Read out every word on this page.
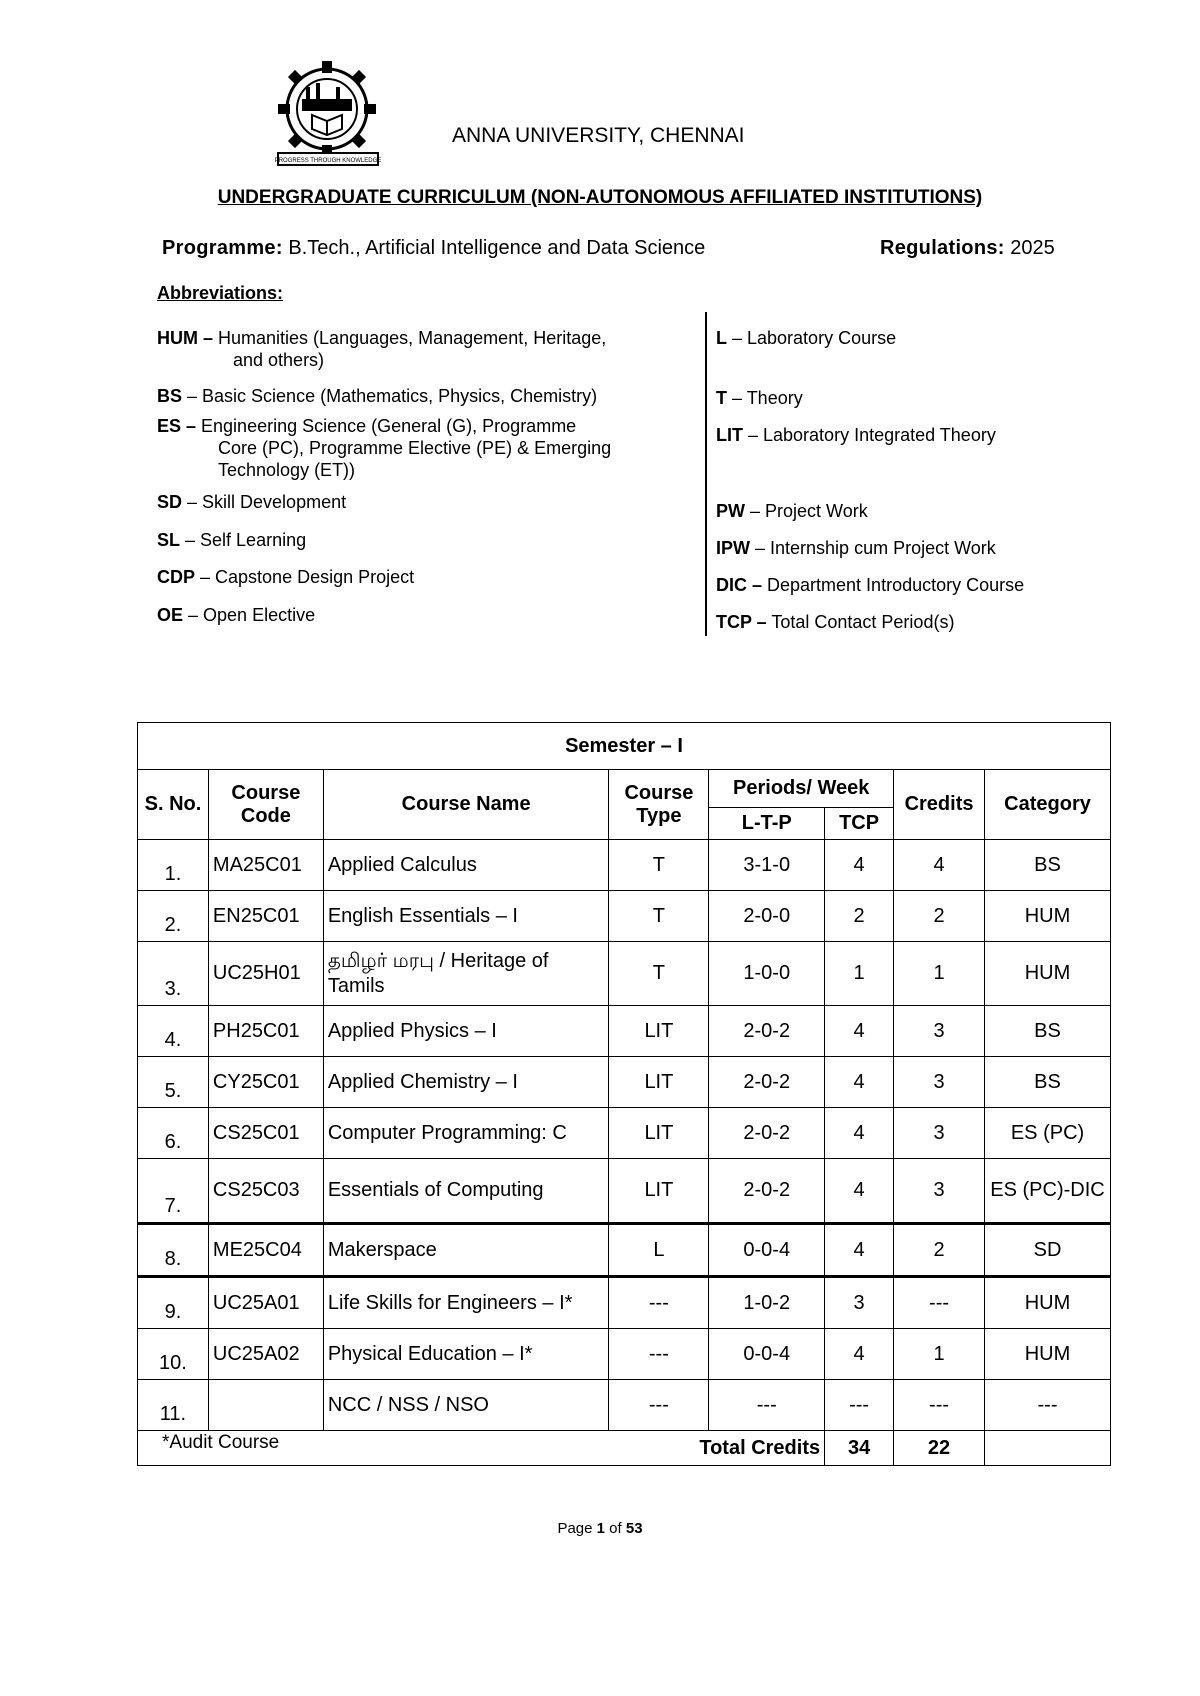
PROGRESS THROUGH KNOWLEDGE
ANNA UNIVERSITY, CHENNAI
UNDERGRADUATE CURRICULUM (NON-AUTONOMOUS AFFILIATED INSTITUTIONS)
Programme: B.Tech., Artificial Intelligence and Data Science	Regulations: 2025
Abbreviations:
HUM – Humanities (Languages, Management, Heritage,
and others)
BS – Basic Science (Mathematics, Physics, Chemistry)
ES – Engineering Science (General (G), Programme
Core (PC), Programme Elective (PE) & Emerging
Technology (ET))
SD – Skill Development
SL – Self Learning
CDP – Capstone Design Project
OE – Open Elective
L – Laboratory Course
T – Theory
LIT – Laboratory Integrated Theory
PW – Project Work
IPW – Internship cum Project Work
DIC – Department Introductory Course
TCP – Total Contact Period(s)
Semester – I							
S. No.	Course Code	Course Name	Course Type	Periods/ Week		Credits	Category
				L-T-P	TCP		
1.	MA25C01	Applied Calculus	T	3-1-0	4	4	BS
2.	EN25C01	English Essentials – I	T	2-0-0	2	2	HUM
3.	UC25H01	தமிழர் மரபு / Heritage of Tamils	T	1-0-0	1	1	HUM
4.	PH25C01	Applied Physics – I	LIT	2-0-2	4	3	BS
5.	CY25C01	Applied Chemistry – I	LIT	2-0-2	4	3	BS
6.	CS25C01	Computer Programming: C	LIT	2-0-2	4	3	ES (PC)
7.	CS25C03	Essentials of Computing	LIT	2-0-2	4	3	ES (PC)-DIC
8.	ME25C04	Makerspace	L	0-0-4	4	2	SD
9.	UC25A01	Life Skills for Engineers – I*	---	1-0-2	3	---	HUM
10.	UC25A02	Physical Education – I*	---	0-0-4	4	1	HUM
11.		NCC / NSS / NSO	---	---	---	---	---
Total Credits					34	22	
*Audit Course
Page 1 of 53
